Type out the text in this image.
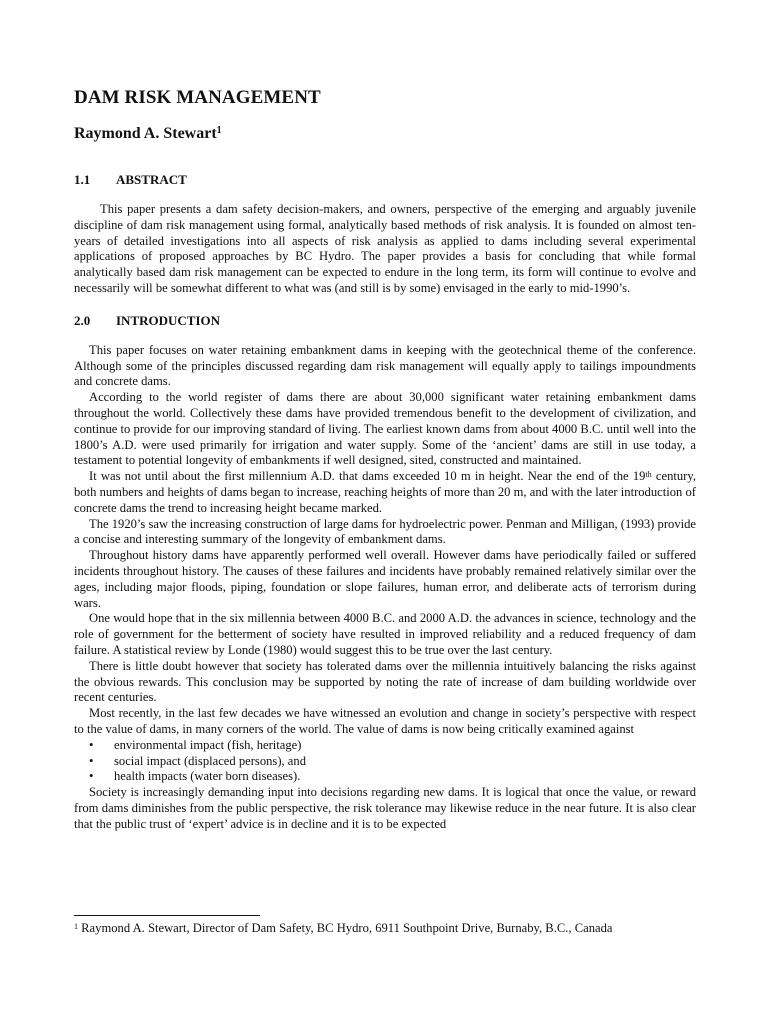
DAM RISK MANAGEMENT
Raymond A. Stewart$^1$
1.1 ABSTRACT

This paper presents a dam safety decision-makers, and owners, perspective of the emerging and arguably juvenile discipline of dam risk management using formal, analytically based methods of risk analysis. It is founded on almost ten-years of detailed investigations into all aspects of risk analysis as applied to dams including several experimental applications of proposed approaches by BC Hydro. The paper provides a basis for concluding that while formal analytically based dam risk management can be expected to endure in the long term, its form will continue to evolve and necessarily will be somewhat different to what was (and still is by some) envisaged in the early to mid-1990’s.

2.0 INTRODUCTION

This paper focuses on water retaining embankment dams in keeping with the geotechnical theme of the conference. Although some of the principles discussed regarding dam risk management will equally apply to tailings impoundments and concrete dams.

According to the world register of dams there are about 30,000 significant water retaining embankment dams throughout the world. Collectively these dams have provided tremendous benefit to the development of civilization, and continue to provide for our improving standard of living. The earliest known dams from about 4000 B.C. until well into the 1800’s A.D. were used primarily for irrigation and water supply. Some of the ‘ancient’ dams are still in use today, a testament to potential longevity of embankments if well designed, sited, constructed and maintained.

It was not until about the first millennium A.D. that dams exceeded 10 m in height. Near the end of the 19th century, both numbers and heights of dams began to increase, reaching heights of more than 20 m, and with the later introduction of concrete dams the trend to increasing height became marked.

The 1920’s saw the increasing construction of large dams for hydroelectric power. Penman and Milligan, (1993) provide a concise and interesting summary of the longevity of embankment dams.

Throughout history dams have apparently performed well overall. However dams have periodically failed or suffered incidents throughout history. The causes of these failures and incidents have probably remained relatively similar over the ages, including major floods, piping, foundation or slope failures, human error, and deliberate acts of terrorism during wars.

One would hope that in the six millennia between 4000 B.C. and 2000 A.D. the advances in science, technology and the role of government for the betterment of society have resulted in improved reliability and a reduced frequency of dam failure. A statistical review by Londe (1980) would suggest this to be true over the last century.

There is little doubt however that society has tolerated dams over the millennia intuitively balancing the risks against the obvious rewards. This conclusion may be supported by noting the rate of increase of dam building worldwide over recent centuries.

Most recently, in the last few decades we have witnessed an evolution and change in society’s perspective with respect to the value of dams, in many corners of the world. The value of dams is now being critically examined against

• environmental impact (fish, heritage)
• social impact (displaced persons), and
• health impacts (water born diseases).

Society is increasingly demanding input into decisions regarding new dams. It is logical that once the value, or reward from dams diminishes from the public perspective, the risk tolerance may likewise reduce in the near future. It is also clear that the public trust of ‘expert’ advice is in decline and it is to be expected

$^1$ Raymond A. Stewart, Director of Dam Safety, BC Hydro, 6911 Southpoint Drive, Burnaby, B.C., Canada
